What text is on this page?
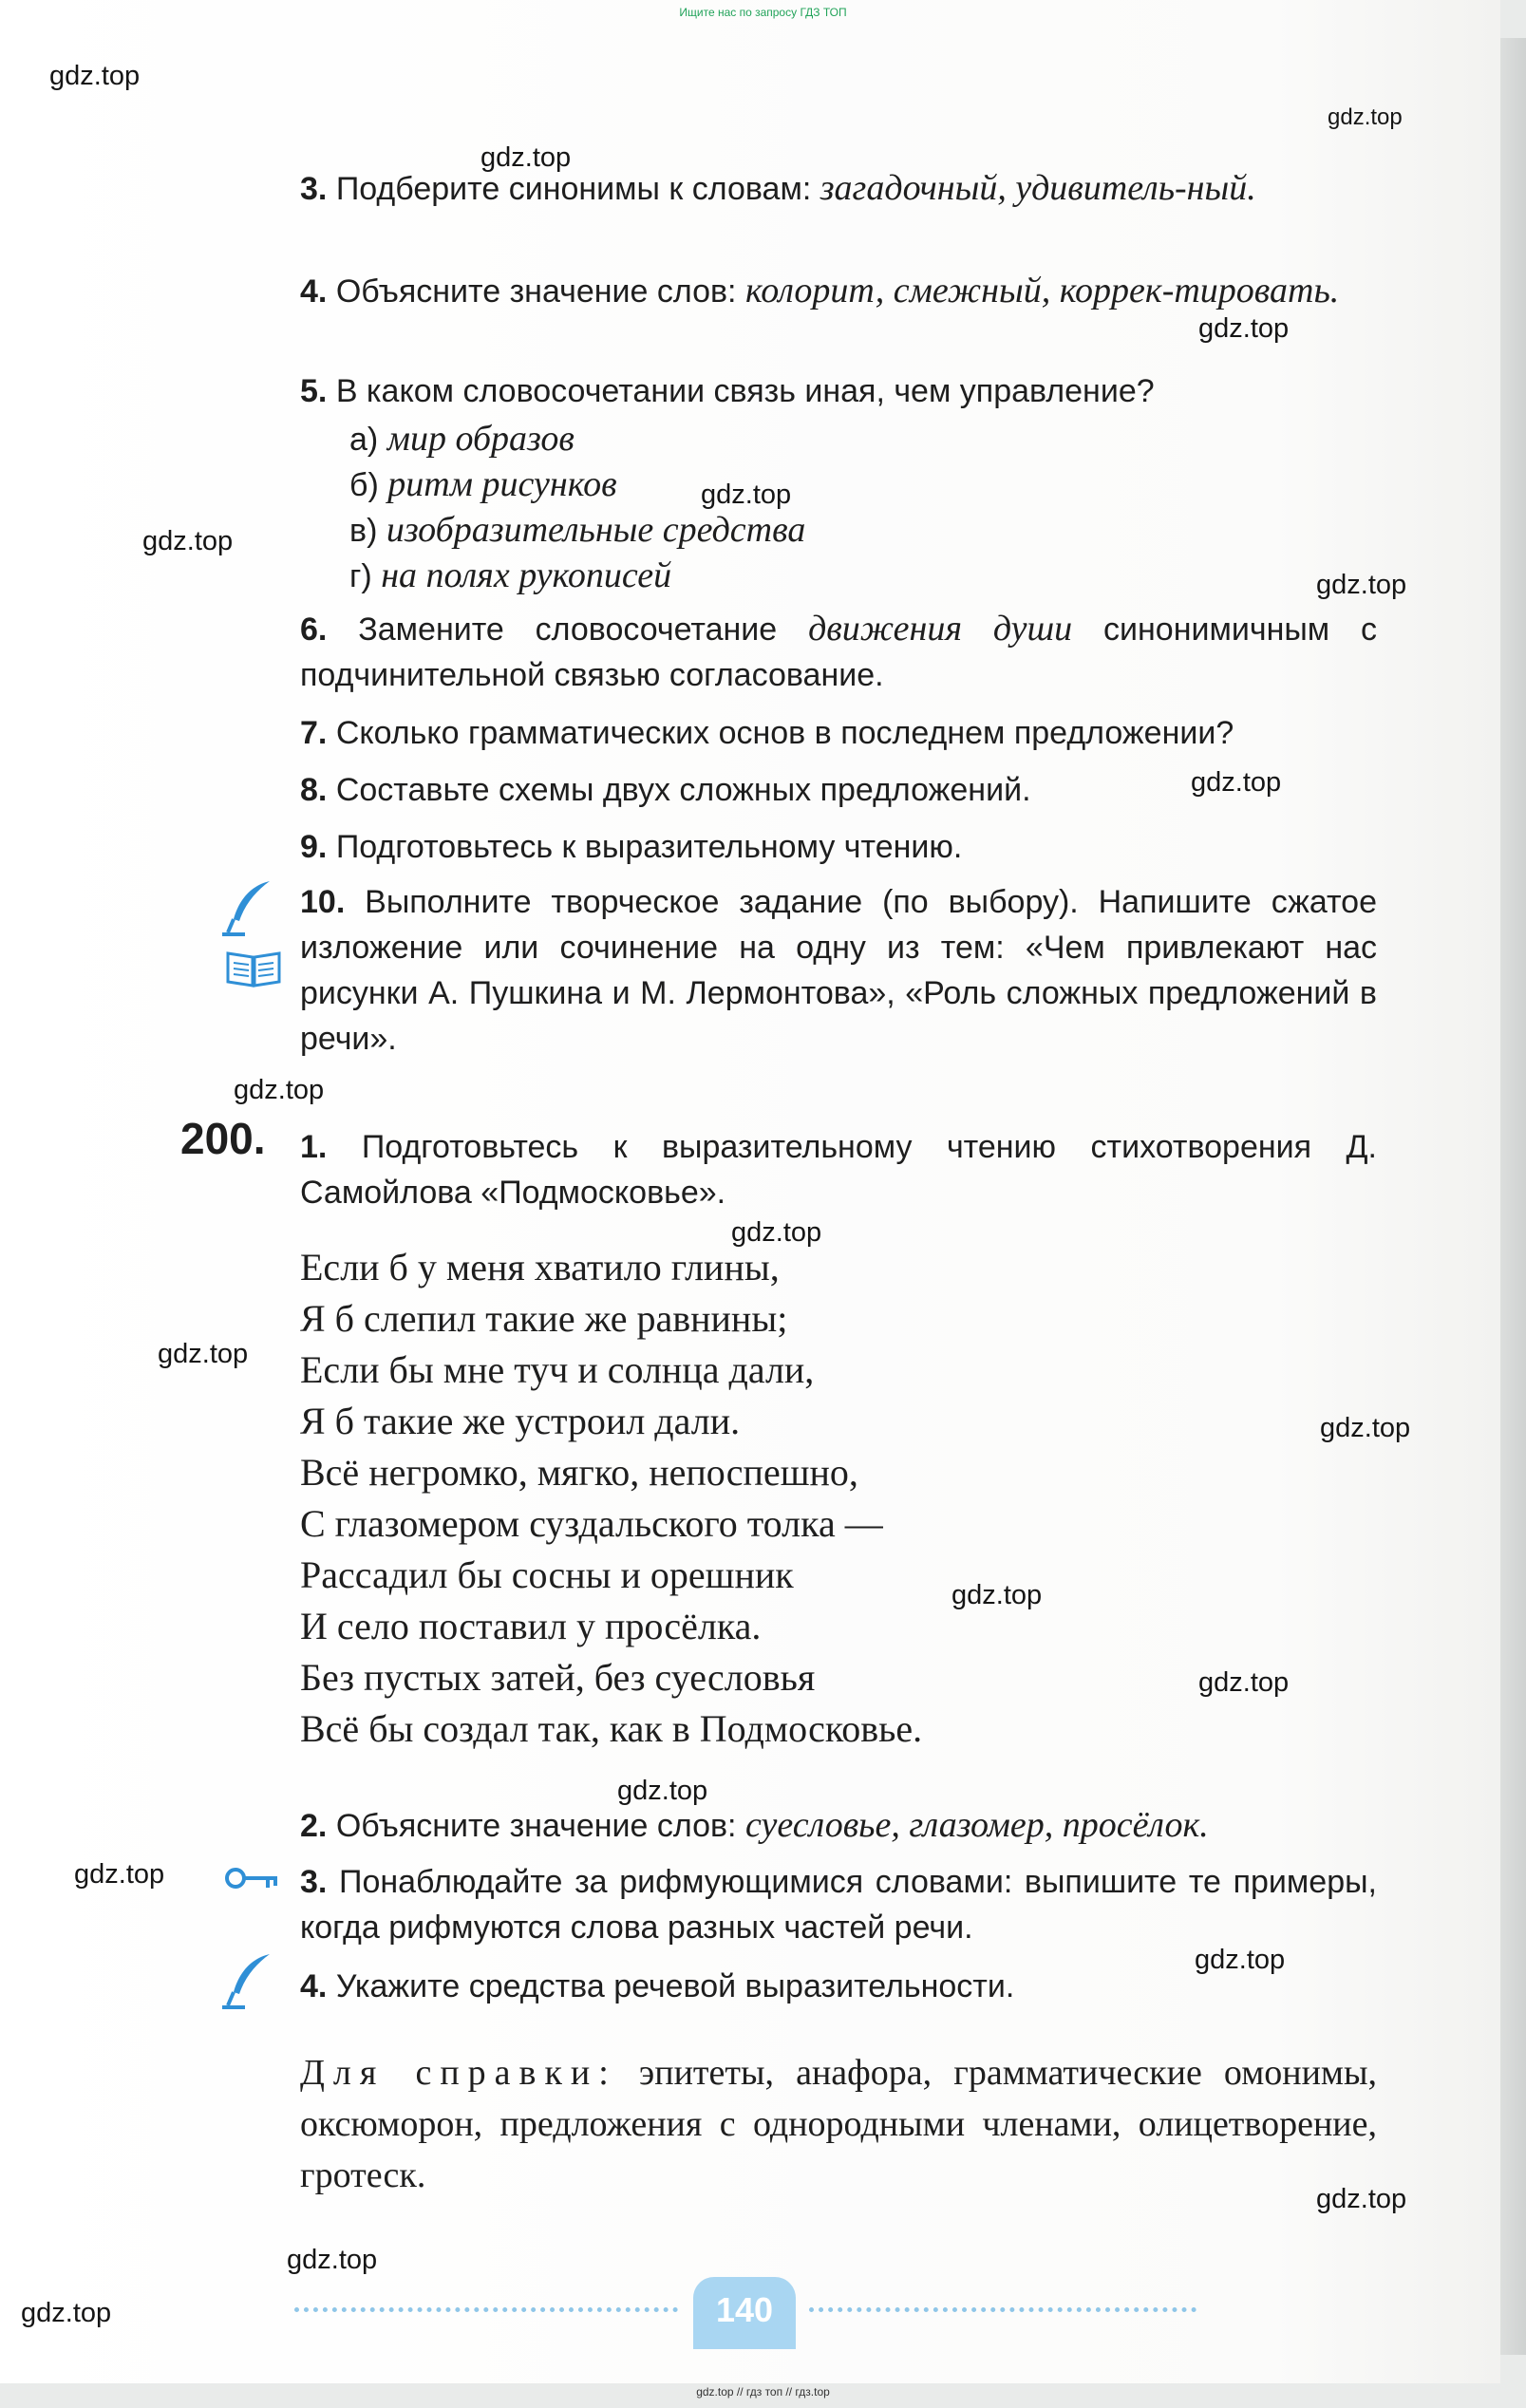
Ищите нас по запросу ГДЗ ТОП
gdz.top // гдз топ // гдз.top
gdz.top
gdz.top
gdz.top
gdz.top
gdz.top
gdz.top
gdz.top
gdz.top
gdz.top
gdz.top
gdz.top
gdz.top
gdz.top
gdz.top
gdz.top
gdz.top
gdz.top
gdz.top
gdz.top
gdz.top
3. Подберите синонимы к словам: загадочный, удивитель-ный.
4. Объясните значение слов: колорит, смежный, коррек-тировать.
5. В каком словосочетании связь иная, чем управление?
а) мир образов
б) ритм рисунков
в) изобразительные средства
г) на полях рукописей
6. Замените словосочетание движения души синонимичным с подчинительной связью согласование.
7. Сколько грамматических основ в последнем предложении?
8. Составьте схемы двух сложных предложений.
9. Подготовьтесь к выразительному чтению.
10. Выполните творческое задание (по выбору). Напишите сжатое изложение или сочинение на одну из тем: «Чем привлекают нас рисунки А. Пушкина и М. Лермонтова», «Роль сложных предложений в речи».
200. 1. Подготовьтесь к выразительному чтению стихотворения Д. Самойлова «Подмосковье».
Если б у меня хватило глины,
Я б слепил такие же равнины;
Если бы мне туч и солнца дали,
Я б такие же устроил дали.
Всё негромко, мягко, непоспешно,
С глазомером суздальского толка —
Рассадил бы сосны и орешник
И село поставил у просёлка.
Без пустых затей, без суесловья
Всё бы создал так, как в Подмосковье.
2. Объясните значение слов: суесловье, глазомер, просёлок.
3. Понаблюдайте за рифмующимися словами: выпишите те примеры, когда рифмуются слова разных частей речи.
4. Укажите средства речевой выразительности.
Для справки: эпитеты, анафора, грамматические омонимы, оксюморон, предложения с однородными членами, олицетворение, гротеск.
140
